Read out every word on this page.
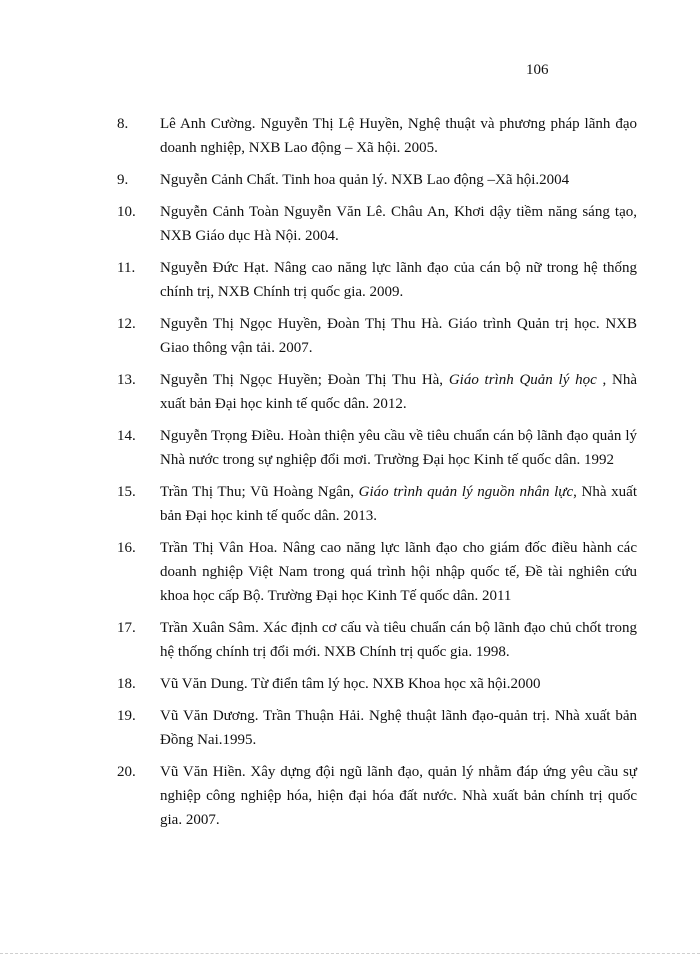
106
8.	Lê Anh Cường. Nguyễn Thị Lệ Huyền, Nghệ thuật và phương pháp lãnh đạo doanh nghiệp, NXB Lao động – Xã hội. 2005.
9.	Nguyễn Cảnh Chất. Tinh hoa quản lý. NXB Lao động –Xã hội.2004
10.	Nguyễn Cảnh Toàn Nguyễn Văn Lê. Châu An, Khơi dậy tiềm năng sáng tạo, NXB Giáo dục Hà Nội. 2004.
11.	Nguyễn Đức Hạt. Nâng cao năng lực lãnh đạo của cán bộ nữ trong hệ thống chính trị, NXB Chính trị quốc gia. 2009.
12.	Nguyễn Thị Ngọc Huyền, Đoàn Thị Thu Hà. Giáo trình Quản trị học. NXB Giao thông vận tải. 2007.
13.	Nguyễn Thị Ngọc Huyền; Đoàn Thị Thu Hà, Giáo trình Quản lý học , Nhà xuất bản Đại học kinh tế quốc dân. 2012.
14.	Nguyễn Trọng Điều. Hoàn thiện yêu cầu về tiêu chuẩn cán bộ lãnh đạo quản lý Nhà nước trong sự nghiệp đổi mơi. Trường Đại học Kinh tế quốc dân. 1992
15.	Trần Thị Thu; Vũ Hoàng Ngân, Giáo trình quản lý nguồn nhân lực, Nhà xuất bản Đại học kinh tế quốc dân. 2013.
16.	Trần Thị Vân Hoa. Nâng cao năng lực lãnh đạo cho giám đốc điều hành các doanh nghiệp Việt Nam trong quá trình hội nhập quốc tế, Đề tài nghiên cứu khoa học cấp Bộ. Trường Đại học Kinh Tế quốc dân. 2011
17.	Trần Xuân Sâm. Xác định cơ cấu và tiêu chuẩn cán bộ lãnh đạo chủ chốt trong hệ thống chính trị đổi mới. NXB Chính trị quốc gia. 1998.
18.	Vũ Văn Dung. Từ điển tâm lý học. NXB Khoa học xã hội.2000
19.	Vũ Văn Dương. Trần Thuận Hải. Nghệ thuật lãnh đạo-quản trị. Nhà xuất bản Đồng Nai.1995.
20.	Vũ Văn Hiền. Xây dựng đội ngũ lãnh đạo, quản lý nhằm đáp ứng yêu cầu sự nghiệp công nghiệp hóa, hiện đại hóa đất nước. Nhà xuất bản chính trị quốc gia. 2007.
